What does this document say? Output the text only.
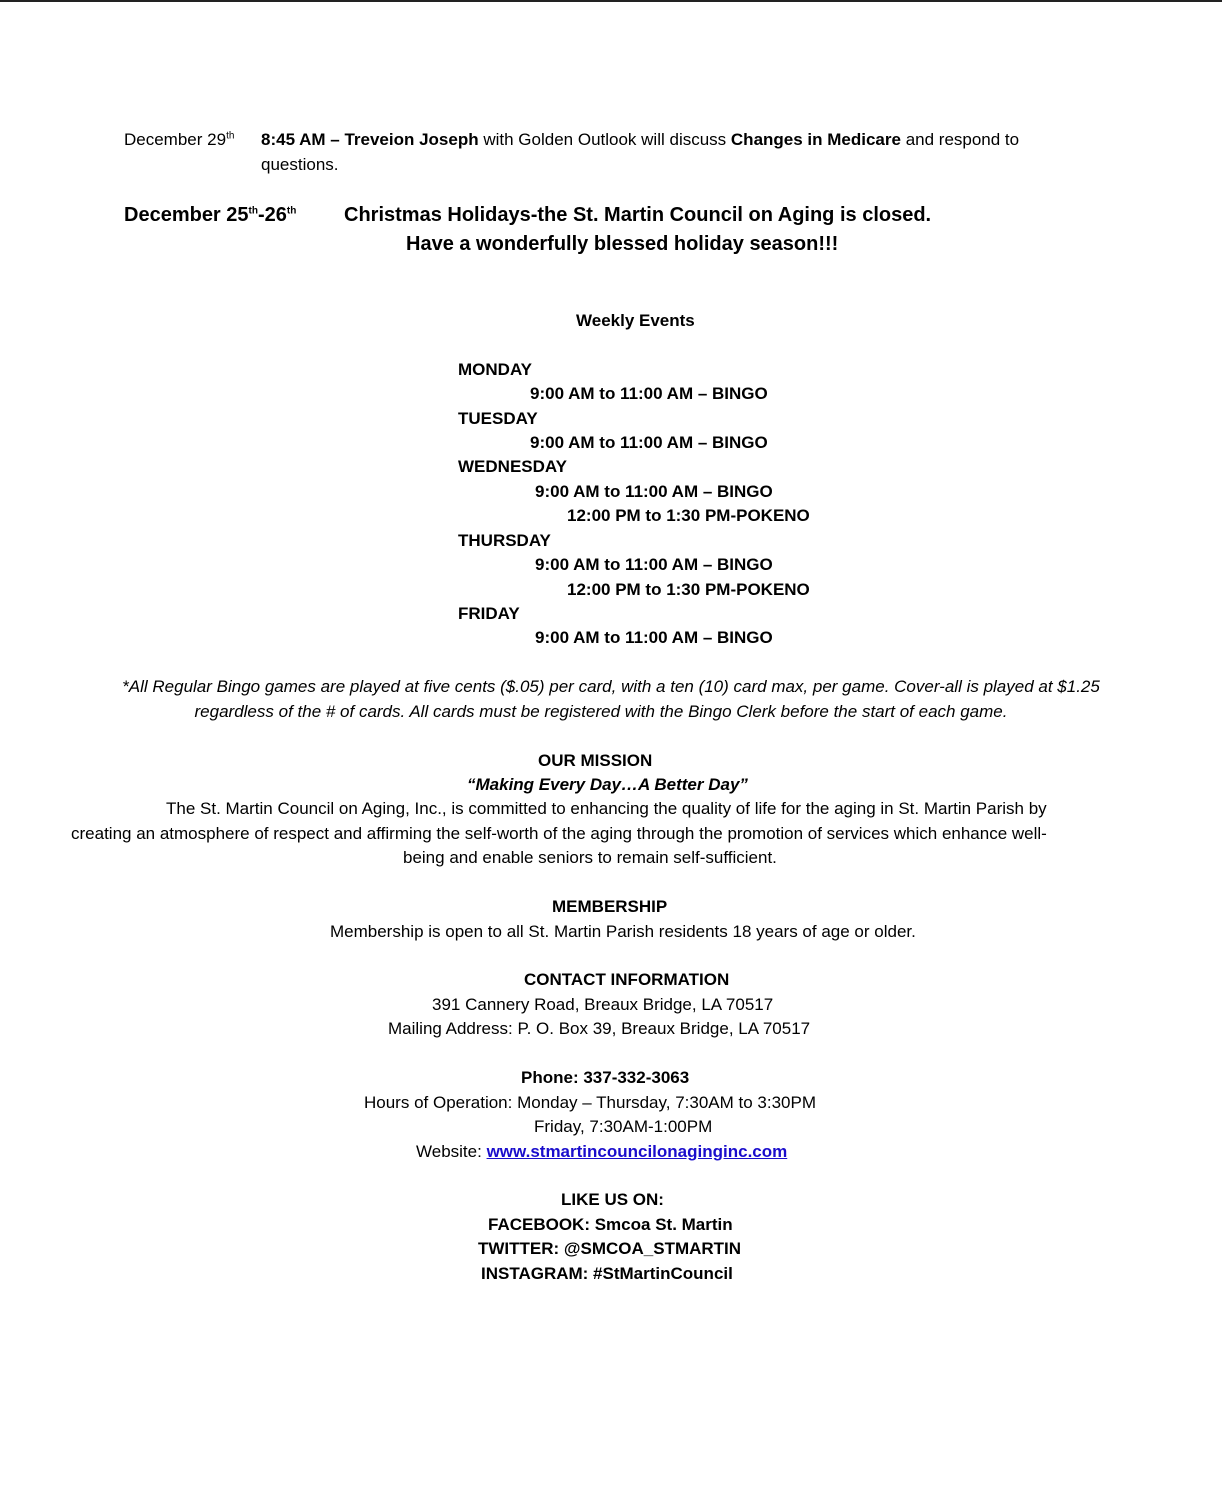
December 29th 8:45 AM – Treveion Joseph with Golden Outlook will discuss Changes in Medicare and respond to
questions.
December 25th-26th Christmas Holidays-the St. Martin Council on Aging is closed.
Have a wonderfully blessed holiday season!!!
Weekly Events
MONDAY
9:00 AM to 11:00 AM – BINGO
TUESDAY
9:00 AM to 11:00 AM – BINGO
WEDNESDAY
9:00 AM to 11:00 AM – BINGO
12:00 PM to 1:30 PM-POKENO
THURSDAY
9:00 AM to 11:00 AM – BINGO
12:00 PM to 1:30 PM-POKENO
FRIDAY
9:00 AM to 11:00 AM – BINGO
*All Regular Bingo games are played at five cents ($.05) per card, with a ten (10) card max, per game. Cover-all is played at $1.25
regardless of the # of cards. All cards must be registered with the Bingo Clerk before the start of each game.
OUR MISSION
“Making Every Day…A Better Day”
The St. Martin Council on Aging, Inc., is committed to enhancing the quality of life for the aging in St. Martin Parish by
creating an atmosphere of respect and affirming the self-worth of the aging through the promotion of services which enhance well-
being and enable seniors to remain self-sufficient.
MEMBERSHIP
Membership is open to all St. Martin Parish residents 18 years of age or older.
CONTACT INFORMATION
391 Cannery Road, Breaux Bridge, LA 70517
Mailing Address: P. O. Box 39, Breaux Bridge, LA 70517
Phone: 337-332-3063
Hours of Operation: Monday – Thursday, 7:30AM to 3:30PM
Friday, 7:30AM-1:00PM
Website: www.stmartincouncilonaginginc.com
LIKE US ON:
FACEBOOK: Smcoa St. Martin
TWITTER: @SMCOA_STMARTIN
INSTAGRAM: #StMartinCouncil
